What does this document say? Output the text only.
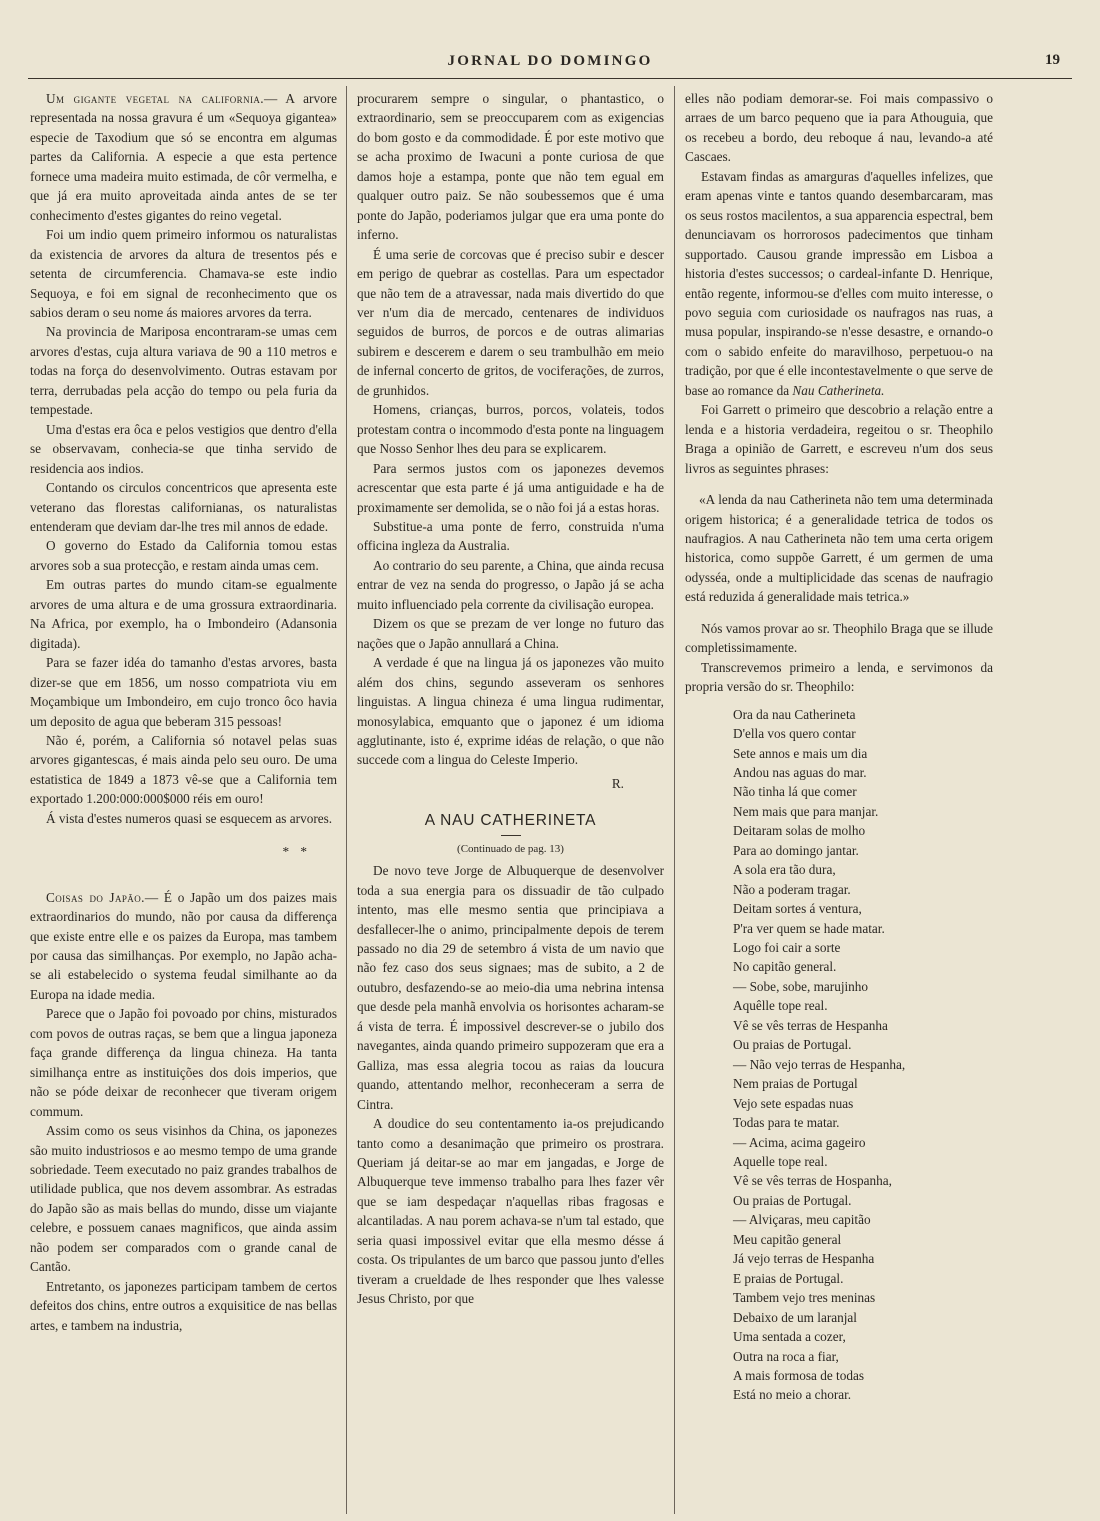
JORNAL DO DOMINGO	19

Um gigante vegetal na california.— A arvore representada na nossa gravura é um «Sequoya gigantea» especie de Taxodium que só se encontra em algumas partes da California. A especie a que esta pertence fornece uma madeira muito estimada, de côr vermelha, e que já era muito aproveitada ainda antes de se ter conhecimento d'estes gigantes do reino vegetal.

Foi um indio quem primeiro informou os naturalistas da existencia de arvores da altura de tresentos pés e setenta de circumferencia. Chamava-se este indio Sequoya, e foi em signal de reconhecimento que os sabios deram o seu nome ás maiores arvores da terra.

Na provincia de Mariposa encontraram-se umas cem arvores d'estas, cuja altura variava de 90 a 110 metros e todas na força do desenvolvimento. Outras estavam por terra, derrubadas pela acção do tempo ou pela furia da tempestade.

Uma d'estas era ôca e pelos vestigios que dentro d'ella se observavam, conhecia-se que tinha servido de residencia aos indios.

Contando os circulos concentricos que apresenta este veterano das florestas californianas, os naturalistas entenderam que deviam dar-lhe tres mil annos de edade.

O governo do Estado da California tomou estas arvores sob a sua protecção, e restam ainda umas cem.

Em outras partes do mundo citam-se egualmente arvores de uma altura e de uma grossura extraordinaria. Na Africa, por exemplo, ha o Imbondeiro (Adansonia digitada).

Para se fazer idéa do tamanho d'estas arvores, basta dizer-se que em 1856, um nosso compatriota viu em Moçambique um Imbondeiro, em cujo tronco ôco havia um deposito de agua que beberam 315 pessoas!

Não é, porém, a California só notavel pelas suas arvores gigantescas, é mais ainda pelo seu ouro. De uma estatistica de 1849 a 1873 vê-se que a California tem exportado 1.200:000:000$000 réis em ouro!

Á vista d'estes numeros quasi se esquecem as arvores.

* *

Coisas do Japão.— É o Japão um dos paizes mais extraordinarios do mundo, não por causa da differença que existe entre elle e os paizes da Europa, mas tambem por causa das similhanças. Por exemplo, no Japão acha-se ali estabelecido o systema feudal similhante ao da Europa na idade media.

Parece que o Japão foi povoado por chins, misturados com povos de outras raças, se bem que a lingua japoneza faça grande differença da lingua chineza. Ha tanta similhança entre as instituições dos dois imperios, que não se póde deixar de reconhecer que tiveram origem commum.

Assim como os seus visinhos da China, os japonezes são muito industriosos e ao mesmo tempo de uma grande sobriedade. Teem executado no paiz grandes trabalhos de utilidade publica, que nos devem assombrar. As estradas do Japão são as mais bellas do mundo, disse um viajante celebre, e possuem canaes magnificos, que ainda assim não podem ser comparados com o grande canal de Cantão.

Entretanto, os japonezes participam tambem de certos defeitos dos chins, entre outros a exquisitice de nas bellas artes, e tambem na industria,

procurarem sempre o singular, o phantastico, o extraordinario, sem se preoccuparem com as exigencias do bom gosto e da commodidade. É por este motivo que se acha proximo de Iwacuni a ponte curiosa de que damos hoje a estampa, ponte que não tem egual em qualquer outro paiz. Se não soubessemos que é uma ponte do Japão, poderiamos julgar que era uma ponte do inferno.

É uma serie de corcovas que é preciso subir e descer em perigo de quebrar as costellas. Para um espectador que não tem de a atravessar, nada mais divertido do que ver n'um dia de mercado, centenares de individuos seguidos de burros, de porcos e de outras alimarias subirem e descerem e darem o seu trambulhão em meio de infernal concerto de gritos, de vociferações, de zurros, de grunhidos.

Homens, crianças, burros, porcos, volateis, todos protestam contra o incommodo d'esta ponte na linguagem que Nosso Senhor lhes deu para se explicarem.

Para sermos justos com os japonezes devemos acrescentar que esta parte é já uma antiguidade e ha de proximamente ser demolida, se o não foi já a estas horas.

Substitue-a uma ponte de ferro, construida n'uma officina ingleza da Australia.

Ao contrario do seu parente, a China, que ainda recusa entrar de vez na senda do progresso, o Japão já se acha muito influenciado pela corrente da civilisação europea.

Dizem os que se prezam de ver longe no futuro das nações que o Japão annullará a China.

A verdade é que na lingua já os japonezes vão muito além dos chins, segundo asseveram os senhores linguistas. A lingua chineza é uma lingua rudimentar, monosylabica, emquanto que o japonez é um idioma agglutinante, isto é, exprime idéas de relação, o que não succede com a lingua do Celeste Imperio.

R.
A NAU CATHERINETA
(Continuado de pag. 13)

De novo teve Jorge de Albuquerque de desenvolver toda a sua energia para os dissuadir de tão culpado intento, mas elle mesmo sentia que principiava a desfallecer-lhe o animo, principalmente depois de terem passado no dia 29 de setembro á vista de um navio que não fez caso dos seus signaes; mas de subito, a 2 de outubro, desfazendo-se ao meio-dia uma nebrina intensa que desde pela manhã envolvia os horisontes acharam-se á vista de terra. É impossivel descrever-se o jubilo dos navegantes, ainda quando primeiro suppozeram que era a Galliza, mas essa alegria tocou as raias da loucura quando, attentando melhor, reconheceram a serra de Cintra.

A doudice do seu contentamento ia-os prejudicando tanto como a desanimação que primeiro os prostrara. Queriam já deitar-se ao mar em jangadas, e Jorge de Albuquerque teve immenso trabalho para lhes fazer vêr que se iam despedaçar n'aquellas ribas fragosas e alcantiladas. A nau porem achava-se n'um tal estado, que seria quasi impossivel evitar que ella mesmo désse á costa. Os tripulantes de um barco que passou junto d'elles tiveram a crueldade de lhes responder que lhes valesse Jesus Christo, por que

elles não podiam demorar-se. Foi mais compassivo o arraes de um barco pequeno que ia para Athouguia, que os recebeu a bordo, deu reboque á nau, levando-a até Cascaes.

Estavam findas as amarguras d'aquelles infelizes, que eram apenas vinte e tantos quando desembarcaram, mas os seus rostos macilentos, a sua apparencia espectral, bem denunciavam os horrorosos padecimentos que tinham supportado. Causou grande impressão em Lisboa a historia d'estes successos; o cardeal-infante D. Henrique, então regente, informou-se d'elles com muito interesse, o povo seguia com curiosidade os naufragos nas ruas, a musa popular, inspirando-se n'esse desastre, e ornando-o com o sabido enfeite do maravilhoso, perpetuou-o na tradição, por que é elle incontestavelmente o que serve de base ao romance da Nau Catherineta.

Foi Garrett o primeiro que descobrio a relação entre a lenda e a historia verdadeira, regeitou o sr. Theophilo Braga a opinião de Garrett, e escreveu n'um dos seus livros as seguintes phrases:

«A lenda da nau Catherineta não tem uma determinada origem historica; é a generalidade tetrica de todos os naufragios. A nau Catherineta não tem uma certa origem historica, como suppõe Garrett, é um germen de uma odysséa, onde a multiplicidade das scenas de naufragio está reduzida á generalidade mais tetrica.»

Nós vamos provar ao sr. Theophilo Braga que se illude completissimamente.

Transcrevemos primeiro a lenda, e servimonos da propria versão do sr. Theophilo:

Ora da nau Catherineta
D'ella vos quero contar
Sete annos e mais um dia
Andou nas aguas do mar.
Não tinha lá que comer
Nem mais que para manjar.
Deitaram solas de molho
Para ao domingo jantar.
A sola era tão dura,
Não a poderam tragar.
Deitam sortes á ventura,
P'ra ver quem se hade matar.
Logo foi cair a sorte
No capitão general.
— Sobe, sobe, marujinho
Aquêlle tope real.
Vê se vês terras de Hespanha
Ou praias de Portugal.
— Não vejo terras de Hespanha,
Nem praias de Portugal
Vejo sete espadas nuas
Todas para te matar.
— Acima, acima gageiro
Aquelle tope real.
Vê se vês terras de Hospanha,
Ou praias de Portugal.
— Alviçaras, meu capitão
Meu capitão general
Já vejo terras de Hespanha
E praias de Portugal.
Tambem vejo tres meninas
Debaixo de um laranjal
Uma sentada a cozer,
Outra na roca a fiar,
A mais formosa de todas
Está no meio a chorar.
